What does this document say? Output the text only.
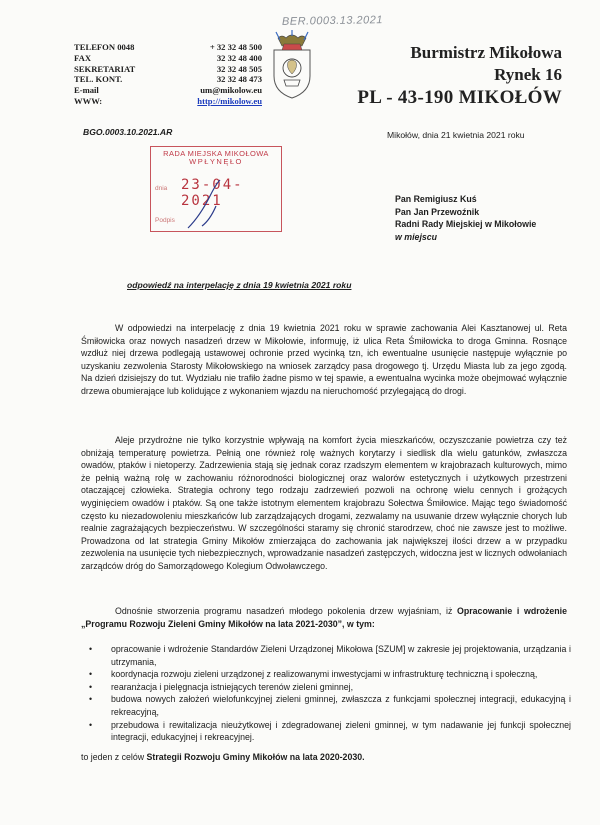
BER.0003.13.2021
TELEFON 0048	+ 32 32 48 500
FAX	32 32 48 400
SEKRETARIAT	32 32 48 505
TEL. KONT.	32 32 48 473
E-mail	um@mikolow.eu
WWW:	http://mikolow.eu
Burmistrz Mikołowa
Rynek 16
PL - 43-190 MIKOŁÓW
BGO.0003.10.2021.AR	Mikołów, dnia 21 kwietnia 2021 roku
RADA MIEJSKA MIKOŁOWA
WPŁYNĘŁO
dnia 23-04-2021
Podpis
Pan Remigiusz Kuś
Pan Jan Przewoźnik
Radni Rady Miejskiej w Mikołowie
w miejscu
odpowiedź na interpelację z dnia 19 kwietnia 2021 roku
W odpowiedzi na interpelację z dnia 19 kwietnia 2021 roku w sprawie zachowania Alei Kasztanowej ul. Reta Śmiłowicka oraz nowych nasadzeń drzew w Mikołowie, informuję, iż ulica Reta Śmiłowicka to droga Gminna. Rosnące wzdłuż niej drzewa podlegają ustawowej ochronie przed wycinką tzn, ich ewentualne usunięcie następuje wyłącznie po uzyskaniu zezwolenia Starosty Mikołowskiego na wniosek zarządcy pasa drogowego tj. Urzędu Miasta lub za jego zgodą. Na dzień dzisiejszy do tut. Wydziału nie trafiło żadne pismo w tej spawie, a ewentualna wycinka może obejmować wyłącznie drzewa obumierające lub kolidujące z wykonaniem wjazdu na nieruchomość przylegającą do drogi.
Aleje przydrożne nie tylko korzystnie wpływają na komfort życia mieszkańców, oczyszczanie powietrza czy też obniżają temperaturę powietrza. Pełnią one również rolę ważnych korytarzy i siedlisk dla wielu gatunków, zwłaszcza owadów, ptaków i nietoperzy. Zadrzewienia stają się jednak coraz rzadszym elementem w krajobrazach kulturowych, mimo że pełnią ważną rolę w zachowaniu różnorodności biologicznej oraz walorów estetycznych i użytkowych przestrzeni otaczającej człowieka. Strategia ochrony tego rodzaju zadrzewień pozwoli na ochronę wielu cennych i grożących wyginięciem owadów i ptaków. Są one także istotnym elementem krajobrazu Sołectwa Śmiłowice. Mając tego świadomość często ku niezadowoleniu mieszkańców lub zarządzających drogami, zezwalamy na usuwanie drzew wyłącznie chorych lub realnie zagrażających bezpieczeństwu. W szczególności staramy się chronić starodrzew, choć nie zawsze jest to możliwe. Prowadzona od lat strategia Gminy Mikołów zmierzająca do zachowania jak największej ilości drzew a w przypadku zezwolenia na usunięcie tych niebezpiecznych, wprowadzanie nasadzeń zastępczych, widoczna jest w licznych odwołaniach zarządców dróg do Samorządowego Kolegium Odwoławczego.
Odnośnie stworzenia programu nasadzeń młodego pokolenia drzew wyjaśniam, iż Opracowanie i wdrożenie „Programu Rozwoju Zieleni Gminy Mikołów na lata 2021-2030”, w tym:
• opracowanie i wdrożenie Standardów Zieleni Urządzonej Mikołowa [SZUM] w zakresie jej projektowania, urządzania i utrzymania,
• koordynacja rozwoju zieleni urządzonej z realizowanymi inwestycjami w infrastrukturę techniczną i społeczną,
• rearanżacja i pielęgnacja istniejących terenów zieleni gminnej,
• budowa nowych założeń wielofunkcyjnej zieleni gminnej, zwłaszcza z funkcjami społecznej integracji, edukacyjną i rekreacyjną,
• przebudowa i rewitalizacja nieużytkowej i zdegradowanej zieleni gminnej, w tym nadawanie jej funkcji społecznej integracji, edukacyjnej i rekreacyjnej.
to jeden z celów Strategii Rozwoju Gminy Mikołów na lata 2020-2030.
